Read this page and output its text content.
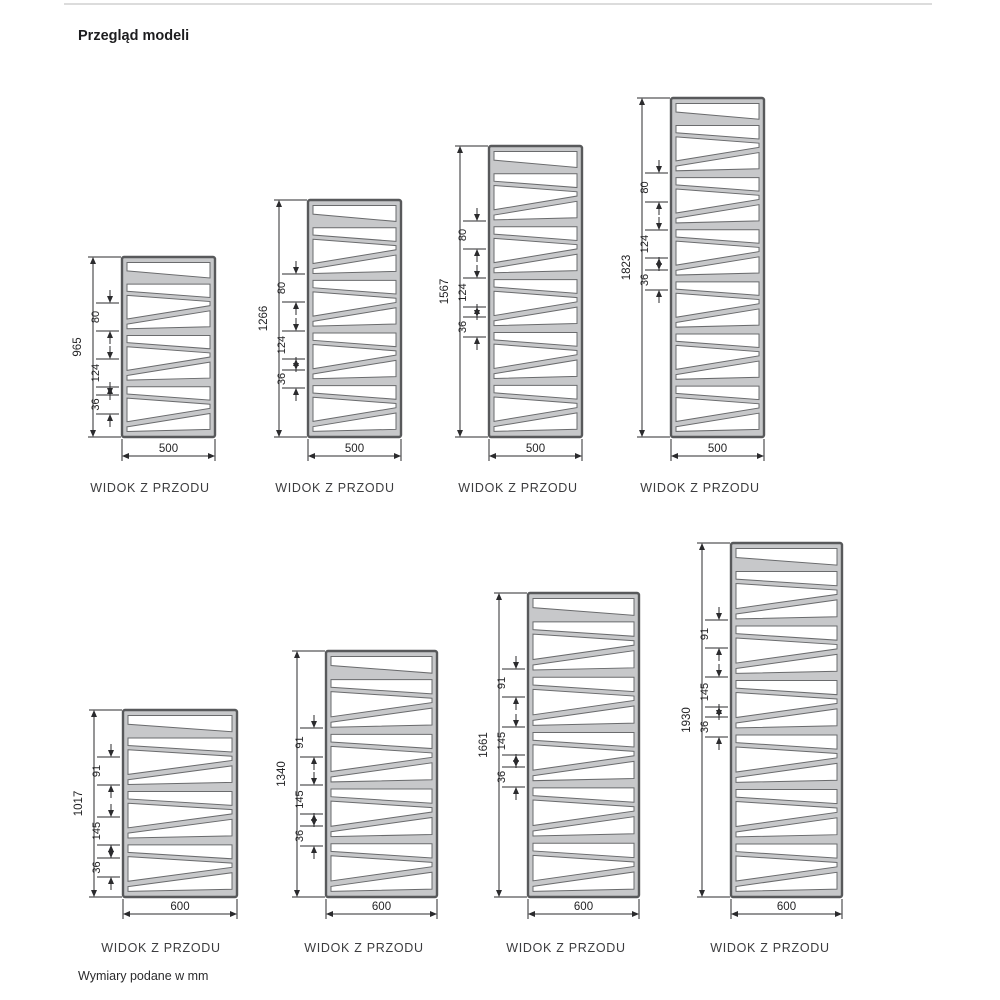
Przegląd modeli
965
80
124
36
500
WIDOK Z PRZODU
1266
80
124
36
500
WIDOK Z PRZODU
1567
80
124
36
500
WIDOK Z PRZODU
1823
80
124
36
500
WIDOK Z PRZODU
1017
91
145
36
600
WIDOK Z PRZODU
1340
91
145
36
600
WIDOK Z PRZODU
1661
91
145
36
600
WIDOK Z PRZODU
1930
91
145
36
600
WIDOK Z PRZODU
Wymiary podane w mm
